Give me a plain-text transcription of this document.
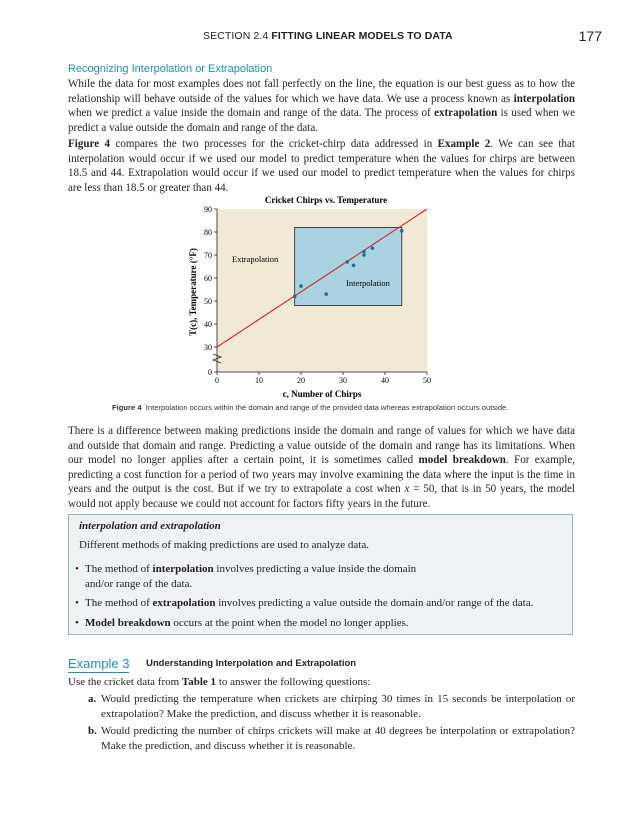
SECTION 2.4 FITTING LINEAR MODELS TO DATA	177
Recognizing Interpolation or Extrapolation

While the data for most examples does not fall perfectly on the line, the equation is our best guess as to how the relationship will behave outside of the values for which we have data. We use a process known as interpolation when we predict a value inside the domain and range of the data. The process of extrapolation is used when we predict a value outside the domain and range of the data.

Figure 4 compares the two processes for the cricket-chirp data addressed in Example 2. We can see that interpolation would occur if we used our model to predict temperature when the values for chirps are between 18.5 and 44. Extrapolation would occur if we used our model to predict temperature when the values for chirps are less than 18.5 or greater than 44.

Cricket Chirps vs. Temperature
Extrapolation
Interpolation
0	10	20	30	40	50
0
30
40
50
60
70
80
90
c, Number of Chirps
T(c), Temperature (°F)
Figure 4 Interpolation occurs within the domain and range of the provided data whereas extrapolation occurs outside.

There is a difference between making predictions inside the domain and range of values for which we have data and outside that domain and range. Predicting a value outside of the domain and range has its limitations. When our model no longer applies after a certain point, it is sometimes called model breakdown. For example, predicting a cost function for a period of two years may involve examining the data where the input is the time in years and the output is the cost. But if we try to extrapolate a cost when x = 50, that is in 50 years, the model would not apply because we could not account for factors fifty years in the future.

interpolation and extrapolation
Different methods of making predictions are used to analyze data.
• The method of interpolation involves predicting a value inside the domain
and/or range of the data.
• The method of extrapolation involves predicting a value outside the domain and/or range of the data.
• Model breakdown occurs at the point when the model no longer applies.
Example 3 Understanding Interpolation and Extrapolation
Use the cricket data from Table 1 to answer the following questions:
a. Would predicting the temperature when crickets are chirping 30 times in 15 seconds be interpolation or extrapolation? Make the prediction, and discuss whether it is reasonable.
b. Would predicting the number of chirps crickets will make at 40 degrees be interpolation or extrapolation? Make the prediction, and discuss whether it is reasonable.
